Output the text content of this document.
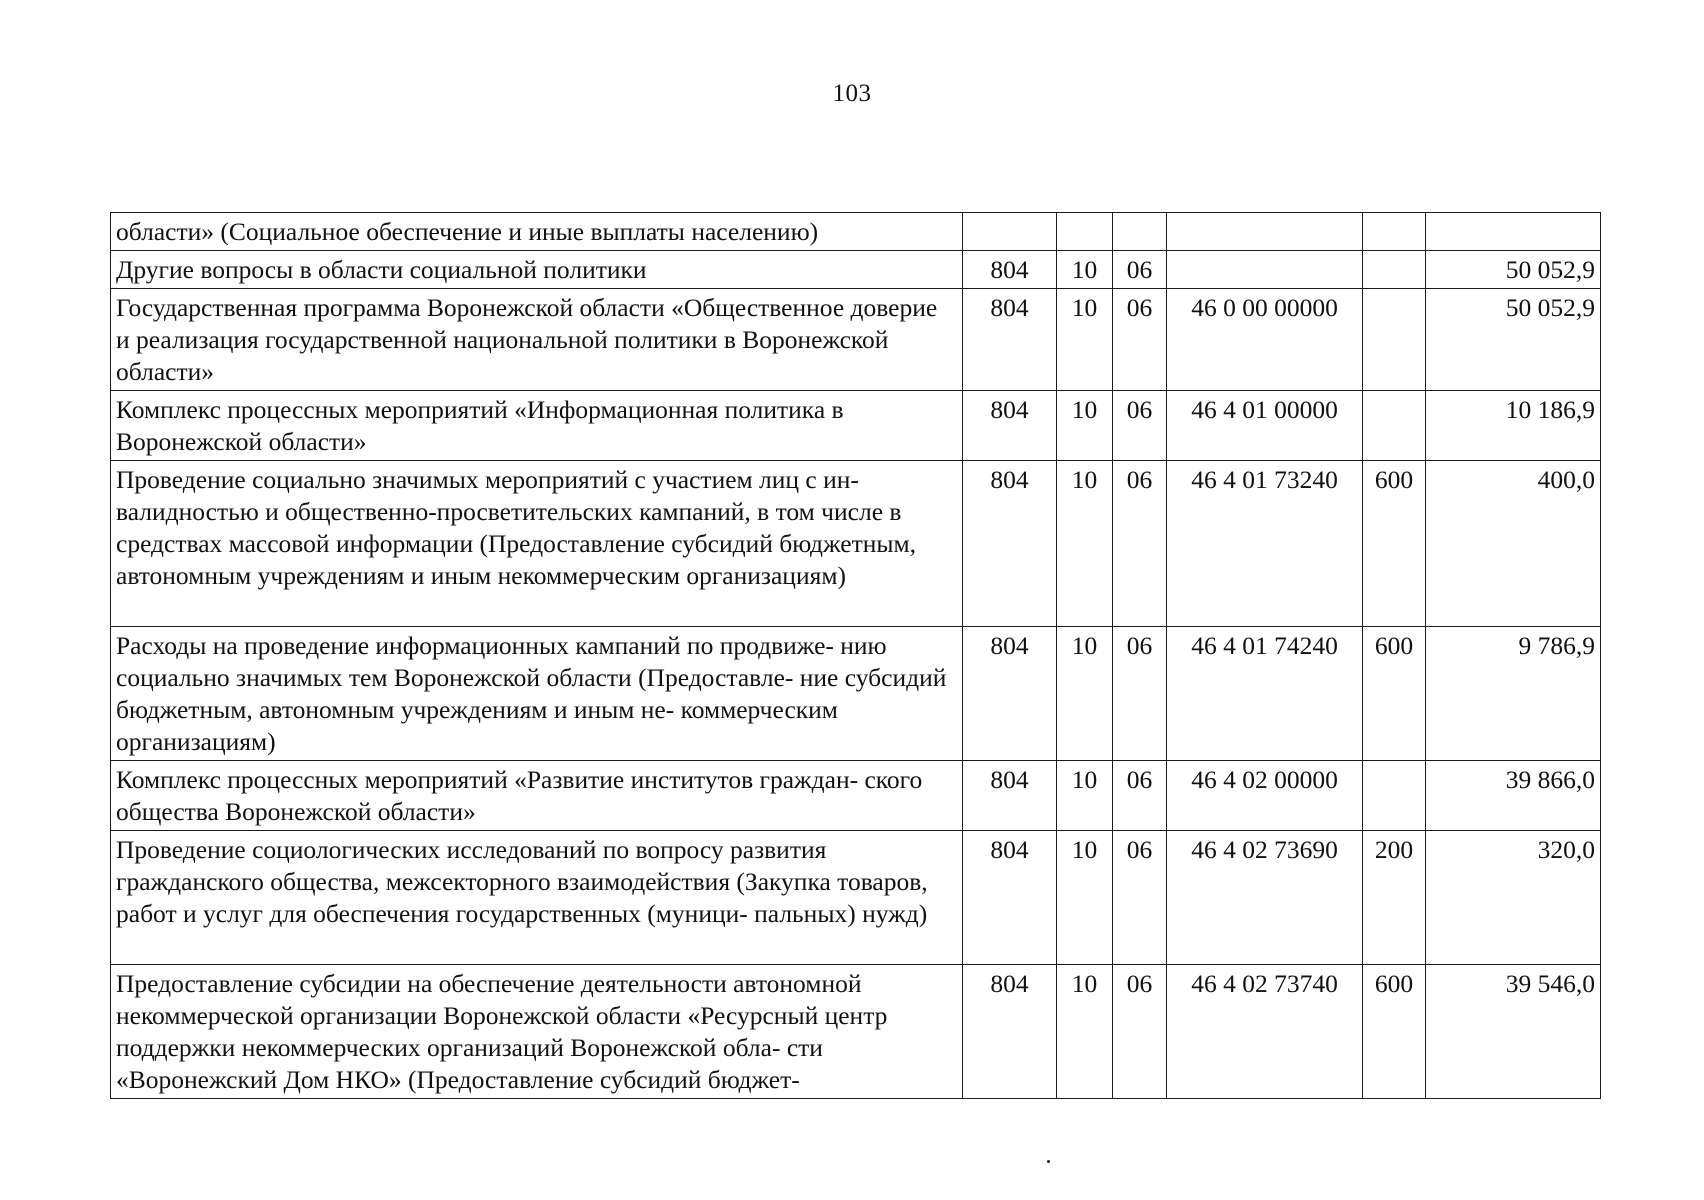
103
области» (Социальное обеспечение и иные выплаты населению)						
Другие вопросы в области социальной политики	804	10	06			50 052,9
Государственная программа Воронежской области «Общественное доверие и реализация государственной национальной политики в Воронежской области»	804	10	06	46 0 00 00000		50 052,9
Комплекс процессных мероприятий «Информационная политика в Воронежской области»	804	10	06	46 4 01 00000		10 186,9
Проведение социально значимых мероприятий с участием лиц с ин- валидностью и общественно-просветительских кампаний, в том числе в средствах массовой информации (Предоставление субсидий бюджетным, автономным учреждениям и иным некоммерческим организациям)	804	10	06	46 4 01 73240	600	400,0
Расходы на проведение информационных кампаний по продвиже- нию социально значимых тем Воронежской области (Предоставле- ние субсидий бюджетным, автономным учреждениям и иным не- коммерческим организациям)	804	10	06	46 4 01 74240	600	9 786,9
Комплекс процессных мероприятий «Развитие институтов граждан- ского общества Воронежской области»	804	10	06	46 4 02 00000		39 866,0
Проведение социологических исследований по вопросу развития гражданского общества, межсекторного взаимодействия (Закупка товаров, работ и услуг для обеспечения государственных (муници- пальных) нужд)	804	10	06	46 4 02 73690	200	320,0
Предоставление субсидии на обеспечение деятельности автономной некоммерческой организации Воронежской области «Ресурсный центр поддержки некоммерческих организаций Воронежской обла- сти «Воронежский Дом НКО» (Предоставление субсидий бюджет-	804	10	06	46 4 02 73740	600	39 546,0
